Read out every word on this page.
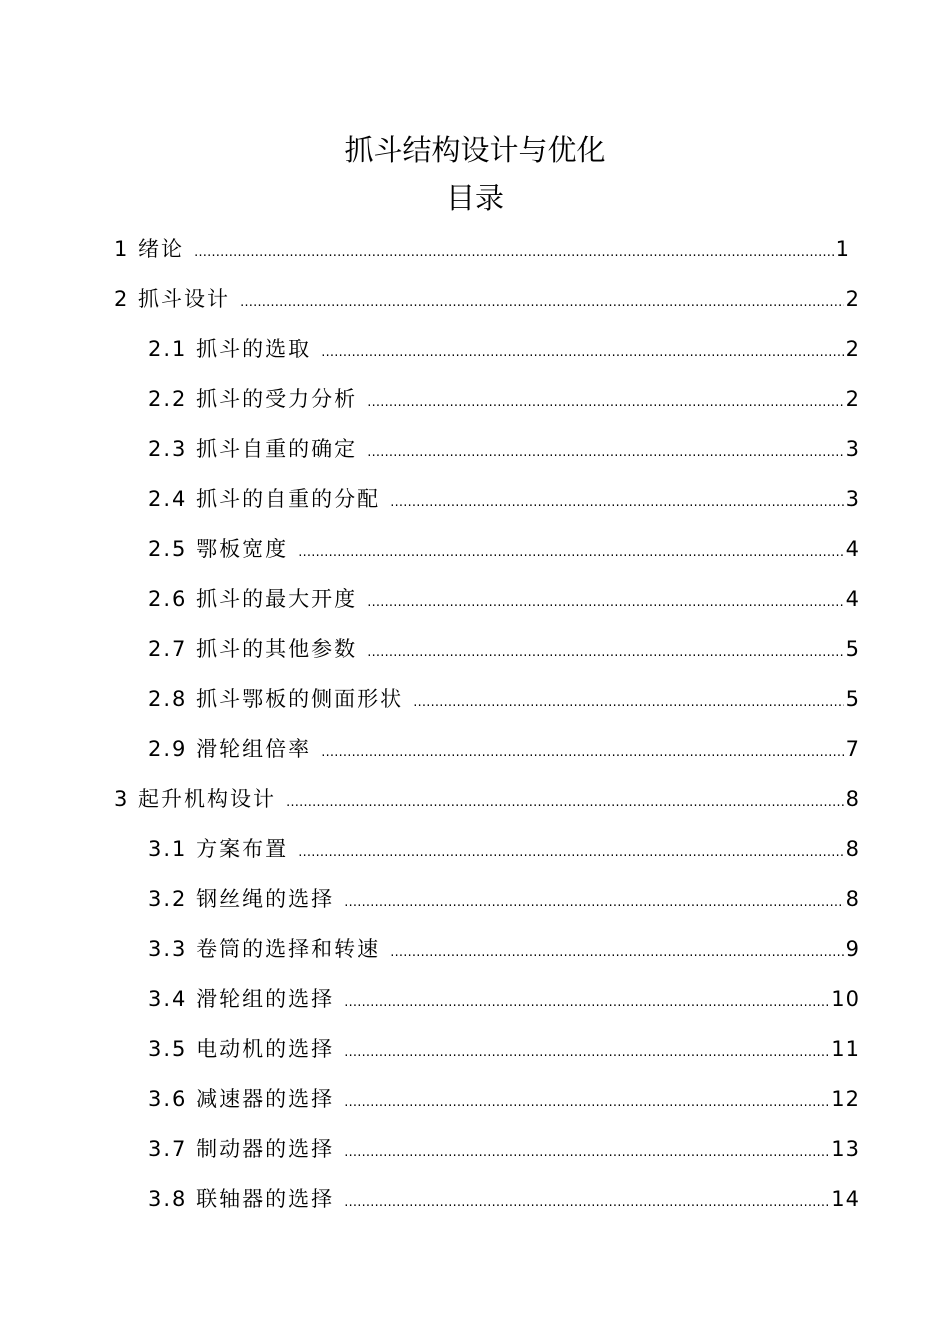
抓斗结构设计与优化
目录
1 绪论 ………………………………………………………………………………………………………………………………………………………………………………………………	1
2 抓斗设计 ………………………………………………………………………………………………………………………………………………………………………………………………	2
2.1 抓斗的选取 ………………………………………………………………………………………………………………………………………………………………………………………………	2
2.2 抓斗的受力分析 ………………………………………………………………………………………………………………………………………………………………………………………………	2
2.3 抓斗自重的确定 ………………………………………………………………………………………………………………………………………………………………………………………………	3
2.4 抓斗的自重的分配 ………………………………………………………………………………………………………………………………………………………………………………………………	3
2.5 鄂板宽度 ………………………………………………………………………………………………………………………………………………………………………………………………	4
2.6 抓斗的最大开度 ………………………………………………………………………………………………………………………………………………………………………………………………	4
2.7 抓斗的其他参数 ………………………………………………………………………………………………………………………………………………………………………………………………	5
2.8 抓斗鄂板的侧面形状 ………………………………………………………………………………………………………………………………………………………………………………………………	5
2.9 滑轮组倍率 ………………………………………………………………………………………………………………………………………………………………………………………………	7
3 起升机构设计 ………………………………………………………………………………………………………………………………………………………………………………………………	8
3.1 方案布置 ………………………………………………………………………………………………………………………………………………………………………………………………	8
3.2 钢丝绳的选择 ………………………………………………………………………………………………………………………………………………………………………………………………	8
3.3 卷筒的选择和转速 ………………………………………………………………………………………………………………………………………………………………………………………………	9
3.4 滑轮组的选择 ………………………………………………………………………………………………………………………………………………………………………………………………	10
3.5 电动机的选择 ………………………………………………………………………………………………………………………………………………………………………………………………	11
3.6 减速器的选择 ………………………………………………………………………………………………………………………………………………………………………………………………	12
3.7 制动器的选择 ………………………………………………………………………………………………………………………………………………………………………………………………	13
3.8 联轴器的选择 ………………………………………………………………………………………………………………………………………………………………………………………………	14
